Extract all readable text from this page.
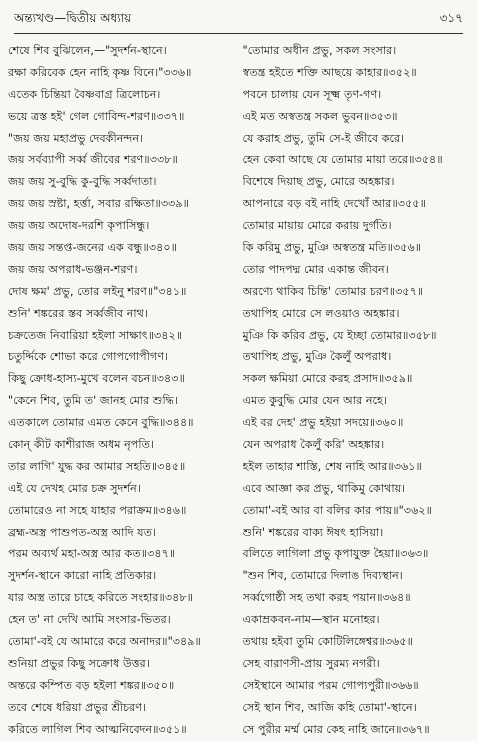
অন্ত্যখণ্ড—দ্বিতীয় অধ্যায়	৩১৭
শেষে শিব বুঝিলেন,—"সুদর্শন-স্থানে।
রক্ষা করিবেক হেন নাহি কৃষ্ণ বিনে।"৩৩৬॥
এতেক চিন্তিয়া বৈষ্ণবাগ্র ত্রিলোচন।
ভয়ে ত্রস্ত হই' গেল গোবিন্দ-শরণ॥৩৩৭॥
"জয় জয় মহাপ্রভু দেবকীনন্দন।
জয় সর্বব্যাপী সর্ব্ব জীবের শরণ॥৩৩৮॥
জয় জয় সু-বুদ্ধি কু-বুদ্ধি সর্ব্বদাতা।
জয় জয় স্রষ্টা, হর্ত্তা, সবার রক্ষিতা॥৩৩৯॥
জয় জয় অদোষ-দরশি কৃপাসিন্ধু।
জয় জয় সন্তপ্ত-জনের এক বন্ধু॥৩৪০॥
জয় জয় অপরাধ-ভঞ্জন-শরণ।
দোষ ক্ষম' প্রভু, তোর লইনু শরণ॥"৩৪১॥
শুনি' শঙ্করের স্তব সর্ব্বজীব নাথ।
চক্রতেজ নিবারিয়া হইলা সাক্ষাৎ॥৩৪২॥
চতুর্দ্দিকে শোভা করে গোপগোপীগণ।
কিছু ক্রোধ-হাস্য-মুখে বলেন বচন॥৩৪৩॥
"কেনে শিব, তুমি ত' জানহ মোর শুদ্ধি।
এতকালে তোমার এমত কেনে বুদ্ধি॥৩৪৪॥
কোন্ কীট কাশীরাজ অধম নৃপতি।
তার লাগি' যুদ্ধ কর আমার সহতি॥৩৪৫॥
এই যে দেখহ মোর চক্র সুদর্শন।
তোমারেও না সহে যাহার পরাক্রম॥৩৪৬॥
ব্রহ্ম-অস্ত্র পাশুপত-অস্ত্র আদি যত।
পরম অব্যর্থ মহা-অস্ত্র আর কত॥৩৪৭॥
সুদর্শন-স্থানে কারো নাহি প্রতিকার।
যার অস্ত্র তারে চাহে করিতে সংহার॥৩৪৮॥
হেন ত' না দেখি আমি সংসার-ভিতর।
তোমা'-বই যে আমারে করে অনাদর॥"৩৪৯॥
শুনিয়া প্রভুর কিছু সক্রোধ উত্তর।
অন্তরে কম্পিত বড় হইলা শঙ্কর॥৩৫০॥
তবে শেষে ধরিয়া প্রভুর শ্রীচরণ।
করিতে লাগিল শিব আত্মনিবেদন॥৩৫১॥
"তোমার অধীন প্রভু, সকল সংসার।
স্বতন্ত্র হইতে শক্তি আছয়ে কাহার॥৩৫২॥
পবনে চালায় যেন সূক্ষ্ম তৃণ-গণ।
এই মত অস্বতন্ত্র সকল ভুবন॥৩৫৩॥
যে করাহ প্রভু, তুমি সে-ই জীবে করে।
হেন কেবা আছে যে তোমার মায়া তরে॥৩৫৪॥
বিশেষে দিয়াছ প্রভু, মোরে অহঙ্কার।
আপনারে বড় বই নাহি দেখোঁ আর॥৩৫৫॥
তোমার মায়ায় মোরে করায় দুর্গতি।
কি করিমু প্রভু, মুঞি অস্বতন্ত্র মতি॥৩৫৬॥
তোর পাদপদ্ম মোর একান্ত জীবন।
অরণ্যে থাকিব চিন্তি' তোমার চরণ॥৩৫৭॥
তথাপিহ মোরে সে লওয়াও অহঙ্কার।
মুঞি কি করিব প্রভু, যে ইচ্ছা তোমার॥৩৫৮॥
তথাপিহ প্রভু, মুঞি কৈলুঁ অপরাধ।
সকল ক্ষমিয়া মোরে করহ প্রসাদ॥৩৫৯॥
এমত কুবুদ্ধি মোর যেন আর নহে।
এই বর দেহ' প্রভু হইয়া সদয়ে॥৩৬০॥
যেন অপরাধ কৈলুঁ করি' অহঙ্কার।
হইল তাহার শাস্তি, শেষ নাহি আর॥৩৬১॥
এবে আজ্ঞা কর প্রভু, থাকিমু কোথায়।
তোমা'-বই আর বা বলির কার পায়॥"৩৬২॥
শুনি' শঙ্করের বাক্য ঈষৎ হাসিয়া।
বলিতে লাগিলা প্রভু কৃপাযুক্ত হৈয়া॥৩৬৩॥
"শুন শিব, তোমারে দিলাঙ দিব্যস্থান।
সর্ব্বগোষ্ঠী সহ তথা করহ পয়ান॥৩৬৪॥
একাম্রকবন-নাম—স্থান মনোহর।
তথায় হইবা তুমি কোটিলিঙ্গেশ্বর॥৩৬৫॥
সেহ বারাণসী-প্রায় সুরম্য নগরী।
সেইস্থানে আমার পরম গোপ্যপুরী॥৩৬৬॥
সেই স্থান শিব, আজি কহি তোমা'-স্থানে।
সে পুরীর মর্ম্ম মোর কেহ নাহি জানে॥৩৬৭॥
